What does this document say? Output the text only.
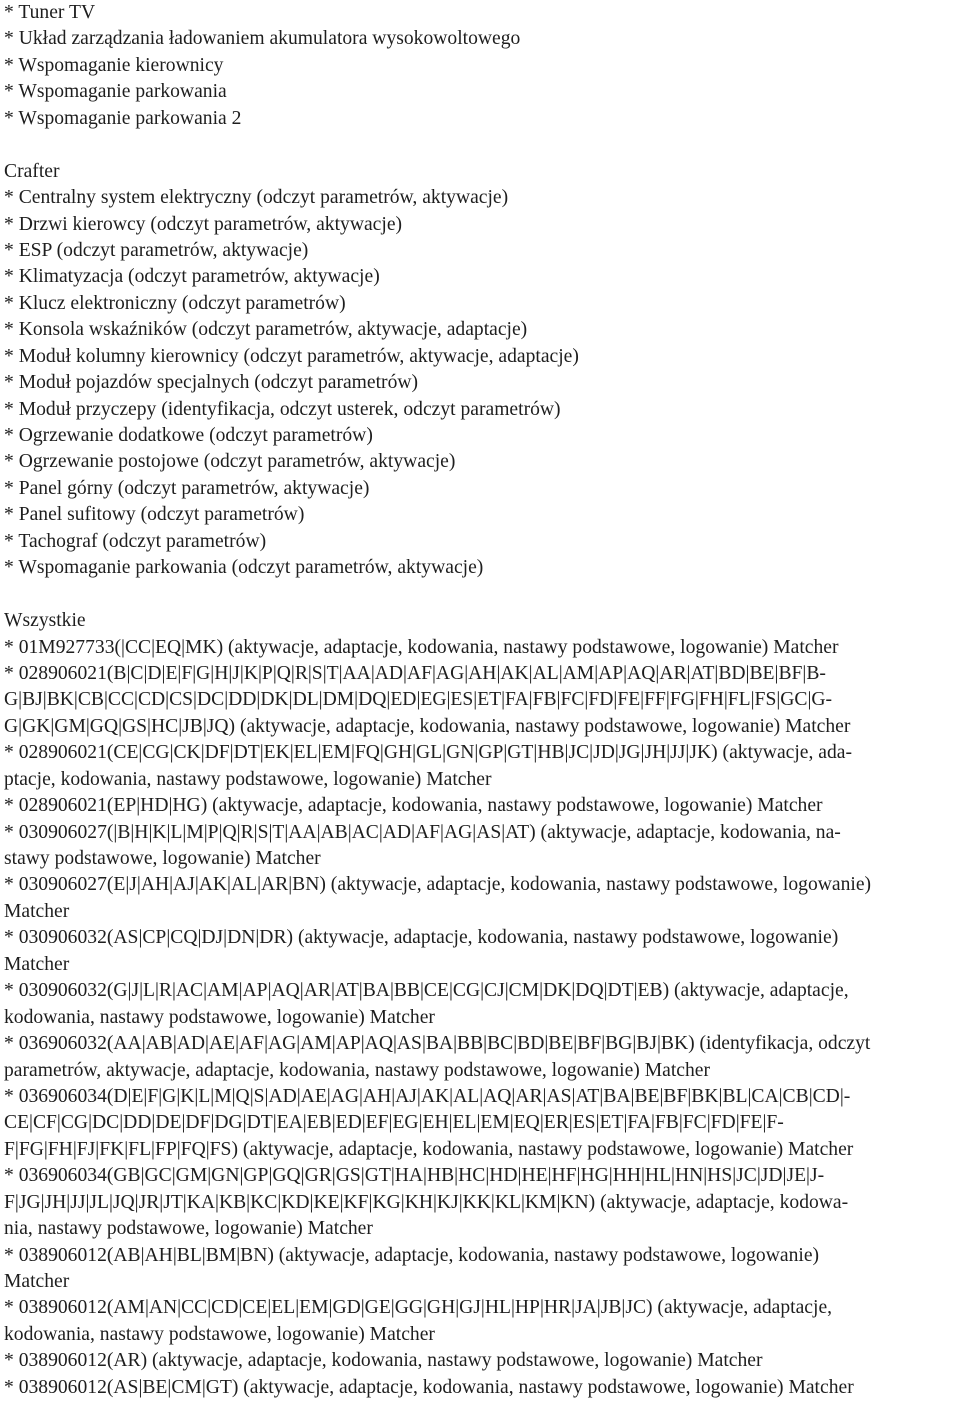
* Tuner TV
* Układ zarządzania ładowaniem akumulatora wysokowoltowego
* Wspomaganie kierownicy
* Wspomaganie parkowania
* Wspomaganie parkowania 2
Crafter
* Centralny system elektryczny (odczyt parametrów, aktywacje)
* Drzwi kierowcy (odczyt parametrów, aktywacje)
* ESP (odczyt parametrów, aktywacje)
* Klimatyzacja (odczyt parametrów, aktywacje)
* Klucz elektroniczny (odczyt parametrów)
* Konsola wskaźników (odczyt parametrów, aktywacje, adaptacje)
* Moduł kolumny kierownicy (odczyt parametrów, aktywacje, adaptacje)
* Moduł pojazdów specjalnych (odczyt parametrów)
* Moduł przyczepy (identyfikacja, odczyt usterek, odczyt parametrów)
* Ogrzewanie dodatkowe (odczyt parametrów)
* Ogrzewanie postojowe (odczyt parametrów, aktywacje)
* Panel górny (odczyt parametrów, aktywacje)
* Panel sufitowy (odczyt parametrów)
* Tachograf (odczyt parametrów)
* Wspomaganie parkowania (odczyt parametrów, aktywacje)
Wszystkie
* 01M927733(|CC|EQ|MK) (aktywacje, adaptacje, kodowania, nastawy podstawowe, logowanie) Matcher
* 028906021(B|C|D|E|F|G|H|J|K|P|Q|R|S|T|AA|AD|AF|AG|AH|AK|AL|AM|AP|AQ|AR|AT|BD|BE|BF|B-
G|BJ|BK|CB|CC|CD|CS|DC|DD|DK|DL|DM|DQ|ED|EG|ES|ET|FA|FB|FC|FD|FE|FF|FG|FH|FL|FS|GC|G-
G|GK|GM|GQ|GS|HC|JB|JQ) (aktywacje, adaptacje, kodowania, nastawy podstawowe, logowanie) Matcher
* 028906021(CE|CG|CK|DF|DT|EK|EL|EM|FQ|GH|GL|GN|GP|GT|HB|JC|JD|JG|JH|JJ|JK) (aktywacje, ada-
ptacje, kodowania, nastawy podstawowe, logowanie) Matcher
* 028906021(EP|HD|HG) (aktywacje, adaptacje, kodowania, nastawy podstawowe, logowanie) Matcher
* 030906027(|B|H|K|L|M|P|Q|R|S|T|AA|AB|AC|AD|AF|AG|AS|AT) (aktywacje, adaptacje, kodowania, na-
stawy podstawowe, logowanie) Matcher
* 030906027(E|J|AH|AJ|AK|AL|AR|BN) (aktywacje, adaptacje, kodowania, nastawy podstawowe, logowanie)
Matcher
* 030906032(AS|CP|CQ|DJ|DN|DR) (aktywacje, adaptacje, kodowania, nastawy podstawowe, logowanie)
Matcher
* 030906032(G|J|L|R|AC|AM|AP|AQ|AR|AT|BA|BB|CE|CG|CJ|CM|DK|DQ|DT|EB) (aktywacje, adaptacje,
kodowania, nastawy podstawowe, logowanie) Matcher
* 036906032(AA|AB|AD|AE|AF|AG|AM|AP|AQ|AS|BA|BB|BC|BD|BE|BF|BG|BJ|BK) (identyfikacja, odczyt
parametrów, aktywacje, adaptacje, kodowania, nastawy podstawowe, logowanie) Matcher
* 036906034(D|E|F|G|K|L|M|Q|S|AD|AE|AG|AH|AJ|AK|AL|AQ|AR|AS|AT|BA|BE|BF|BK|BL|CA|CB|CD|-
CE|CF|CG|DC|DD|DE|DF|DG|DT|EA|EB|ED|EF|EG|EH|EL|EM|EQ|ER|ES|ET|FA|FB|FC|FD|FE|F-
F|FG|FH|FJ|FK|FL|FP|FQ|FS) (aktywacje, adaptacje, kodowania, nastawy podstawowe, logowanie) Matcher
* 036906034(GB|GC|GM|GN|GP|GQ|GR|GS|GT|HA|HB|HC|HD|HE|HF|HG|HH|HL|HN|HS|JC|JD|JE|J-
F|JG|JH|JJ|JL|JQ|JR|JT|KA|KB|KC|KD|KE|KF|KG|KH|KJ|KK|KL|KM|KN) (aktywacje, adaptacje, kodowa-
nia, nastawy podstawowe, logowanie) Matcher
* 038906012(AB|AH|BL|BM|BN) (aktywacje, adaptacje, kodowania, nastawy podstawowe, logowanie)
Matcher
* 038906012(AM|AN|CC|CD|CE|EL|EM|GD|GE|GG|GH|GJ|HL|HP|HR|JA|JB|JC) (aktywacje, adaptacje,
kodowania, nastawy podstawowe, logowanie) Matcher
* 038906012(AR) (aktywacje, adaptacje, kodowania, nastawy podstawowe, logowanie) Matcher
* 038906012(AS|BE|CM|GT) (aktywacje, adaptacje, kodowania, nastawy podstawowe, logowanie) Matcher
